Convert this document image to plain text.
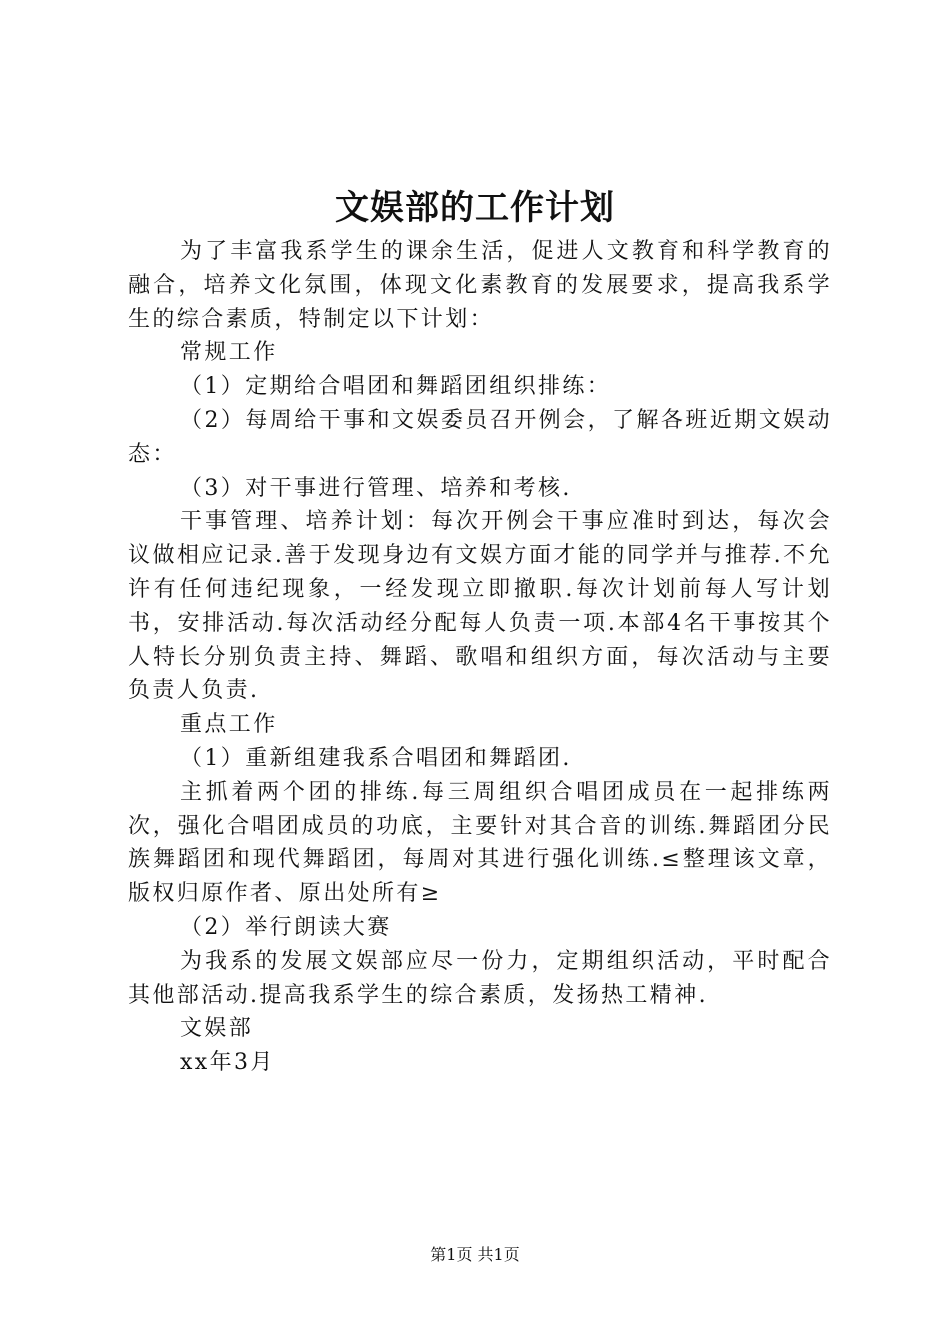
文娱部的工作计划

为了丰富我系学生的课余生活，促进人文教育和科学教育的融合，培养文化氛围，体现文化素教育的发展要求，提高我系学生的综合素质，特制定以下计划：

常规工作

（1）定期给合唱团和舞蹈团组织排练：

（2）每周给干事和文娱委员召开例会，了解各班近期文娱动态：

（3）对干事进行管理、培养和考核.

干事管理、培养计划：每次开例会干事应准时到达，每次会议做相应记录.善于发现身边有文娱方面才能的同学并与推荐.不允许有任何违纪现象，一经发现立即撤职.每次计划前每人写计划书，安排活动.每次活动经分配每人负责一项.本部4名干事按其个人特长分别负责主持、舞蹈、歌唱和组织方面，每次活动与主要负责人负责.

重点工作

（1）重新组建我系合唱团和舞蹈团.

主抓着两个团的排练.每三周组织合唱团成员在一起排练两次，强化合唱团成员的功底，主要针对其合音的训练.舞蹈团分民族舞蹈团和现代舞蹈团，每周对其进行强化训练.≤整理该文章，版权归原作者、原出处所有≥

（2）举行朗读大赛

为我系的发展文娱部应尽一份力，定期组织活动，平时配合其他部活动.提高我系学生的综合素质，发扬热工精神.

文娱部

xx年3月

第1页 共1页
